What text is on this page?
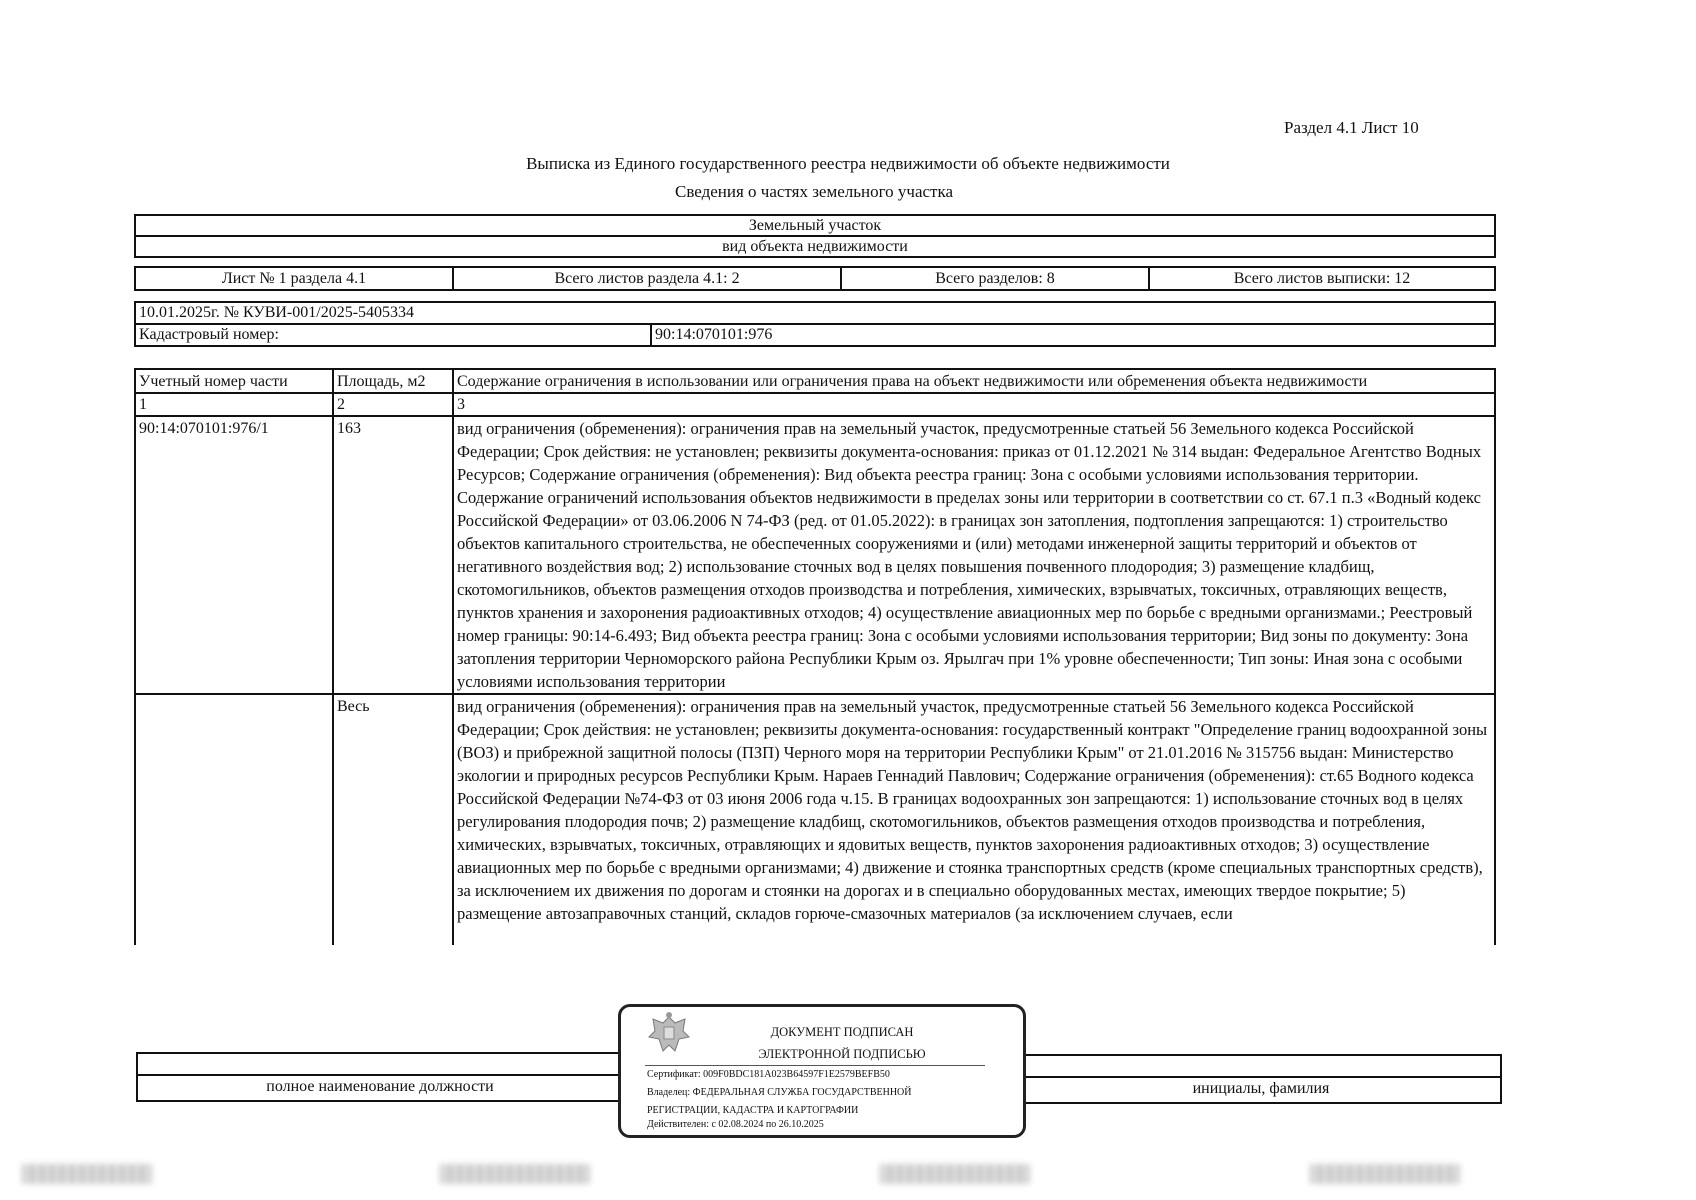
Раздел 4.1 Лист 10
Выписка из Единого государственного реестра недвижимости об объекте недвижимости
Сведения о частях земельного участка
Земельный участок
вид объекта недвижимости
Лист № 1 раздела 4.1	Всего листов раздела 4.1: 2	Всего разделов: 8	Всего листов выписки: 12
10.01.2025г. № КУВИ-001/2025-5405334
Кадастровый номер:	90:14:070101:976
Учетный номер части	Площадь, м2	Содержание ограничения в использовании или ограничения права на объект недвижимости или обременения объекта недвижимости
1	2	3
90:14:070101:976/1	163	вид ограничения (обременения): ограничения прав на земельный участок, предусмотренные статьей 56 Земельного кодекса Российской Федерации; Срок действия: не установлен; реквизиты документа-основания: приказ от 01.12.2021 № 314 выдан: Федеральное Агентство Водных Ресурсов; Содержание ограничения (обременения): Вид объекта реестра границ: Зона с особыми условиями использования территории. Содержание ограничений использования объектов недвижимости в пределах зоны или территории в соответствии со ст. 67.1 п.3 «Водный кодекс Российской Федерации» от 03.06.2006 N 74-ФЗ (ред. от 01.05.2022): в границах зон затопления, подтопления запрещаются: 1) строительство объектов капитального строительства, не обеспеченных сооружениями и (или) методами инженерной защиты территорий и объектов от негативного воздействия вод; 2) использование сточных вод в целях повышения почвенного плодородия; 3) размещение кладбищ, скотомогильников, объектов размещения отходов производства и потребления, химических, взрывчатых, токсичных, отравляющих веществ, пунктов хранения и захоронения радиоактивных отходов; 4) осуществление авиационных мер по борьбе с вредными организмами.; Реестровый номер границы: 90:14-6.493; Вид объекта реестра границ: Зона с особыми условиями использования территории; Вид зоны по документу: Зона затопления территории Черноморского района Республики Крым оз. Ярылгач при 1% уровне обеспеченности; Тип зоны: Иная зона с особыми условиями использования территории
	Весь	вид ограничения (обременения): ограничения прав на земельный участок, предусмотренные статьей 56 Земельного кодекса Российской Федерации; Срок действия: не установлен; реквизиты документа-основания: государственный контракт "Определение границ водоохранной зоны (ВОЗ) и прибрежной защитной полосы (ПЗП) Черного моря на территории Республики Крым" от 21.01.2016 № 315756 выдан: Министерство экологии и природных ресурсов Республики Крым. Нараев Геннадий Павлович; Содержание ограничения (обременения): ст.65 Водного кодекса Российской Федерации №74-ФЗ от 03 июня 2006 года ч.15. В границах водоохранных зон запрещаются: 1) использование сточных вод в целях регулирования плодородия почв; 2) размещение кладбищ, скотомогильников, объектов размещения отходов производства и потребления, химических, взрывчатых, токсичных, отравляющих и ядовитых веществ, пунктов захоронения радиоактивных отходов; 3) осуществление авиационных мер по борьбе с вредными организмами; 4) движение и стоянка транспортных средств (кроме специальных транспортных средств), за исключением их движения по дорогам и стоянки на дорогах и в специально оборудованных местах, имеющих твердое покрытие; 5) размещение автозаправочных станций, складов горюче-смазочных материалов (за исключением случаев, если
полное наименование должности	инициалы, фамилия
ДОКУМЕНТ ПОДПИСАН
ЭЛЕКТРОННОЙ ПОДПИСЬЮ
Сертификат: 009F0BDC181A023B64597F1E2579BEFB50
Владелец: ФЕДЕРАЛЬНАЯ СЛУЖБА ГОСУДАРСТВЕННОЙ
РЕГИСТРАЦИИ, КАДАСТРА И КАРТОГРАФИИ
Действителен: с 02.08.2024 по 26.10.2025
